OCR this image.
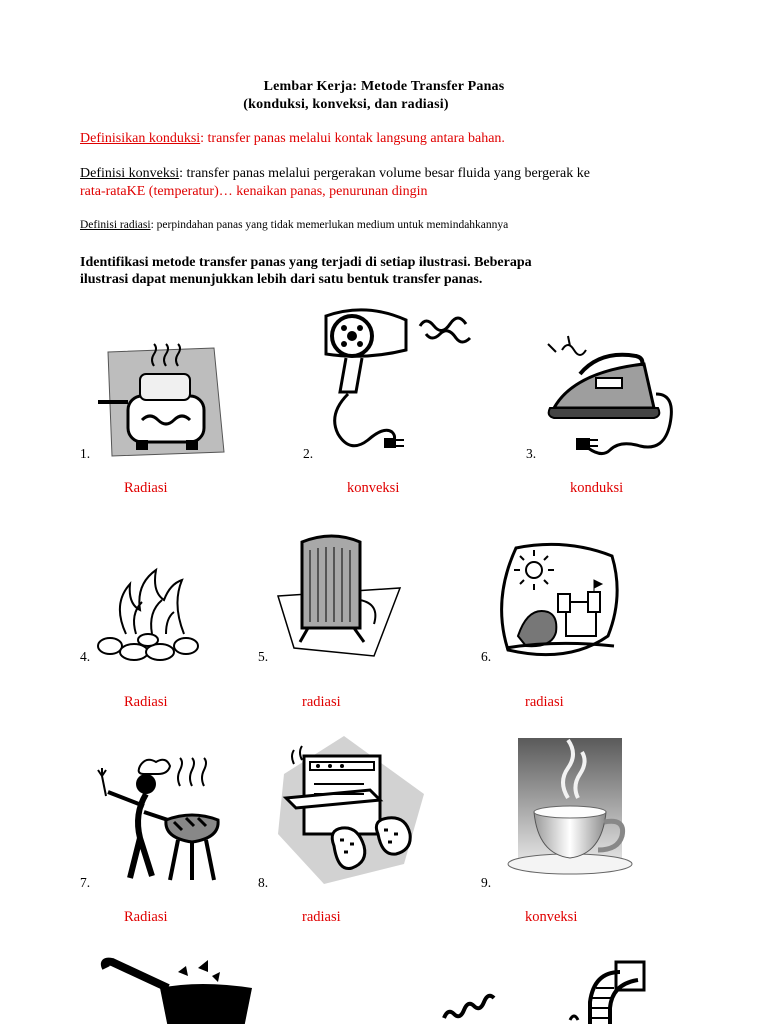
Lembar Kerja: Metode Transfer Panas
(konduksi, konveksi, dan radiasi)
Definisikan konduksi: transfer panas melalui kontak langsung antara bahan.
Definisi konveksi: transfer panas melalui pergerakan volume besar fluida yang bergerak ke
rata-rataKE (temperatur)… kenaikan panas, penurunan dingin
Definisi radiasi: perpindahan panas yang tidak memerlukan medium untuk memindahkannya
Identifikasi metode transfer panas yang terjadi di setiap ilustrasi. Beberapa
ilustrasi dapat menunjukkan lebih dari satu bentuk transfer panas.
1.
Radiasi
2.
konveksi
3.
konduksi
4.
Radiasi
5.
radiasi
6.
radiasi
7.
Radiasi
8.
radiasi
9.
konveksi
